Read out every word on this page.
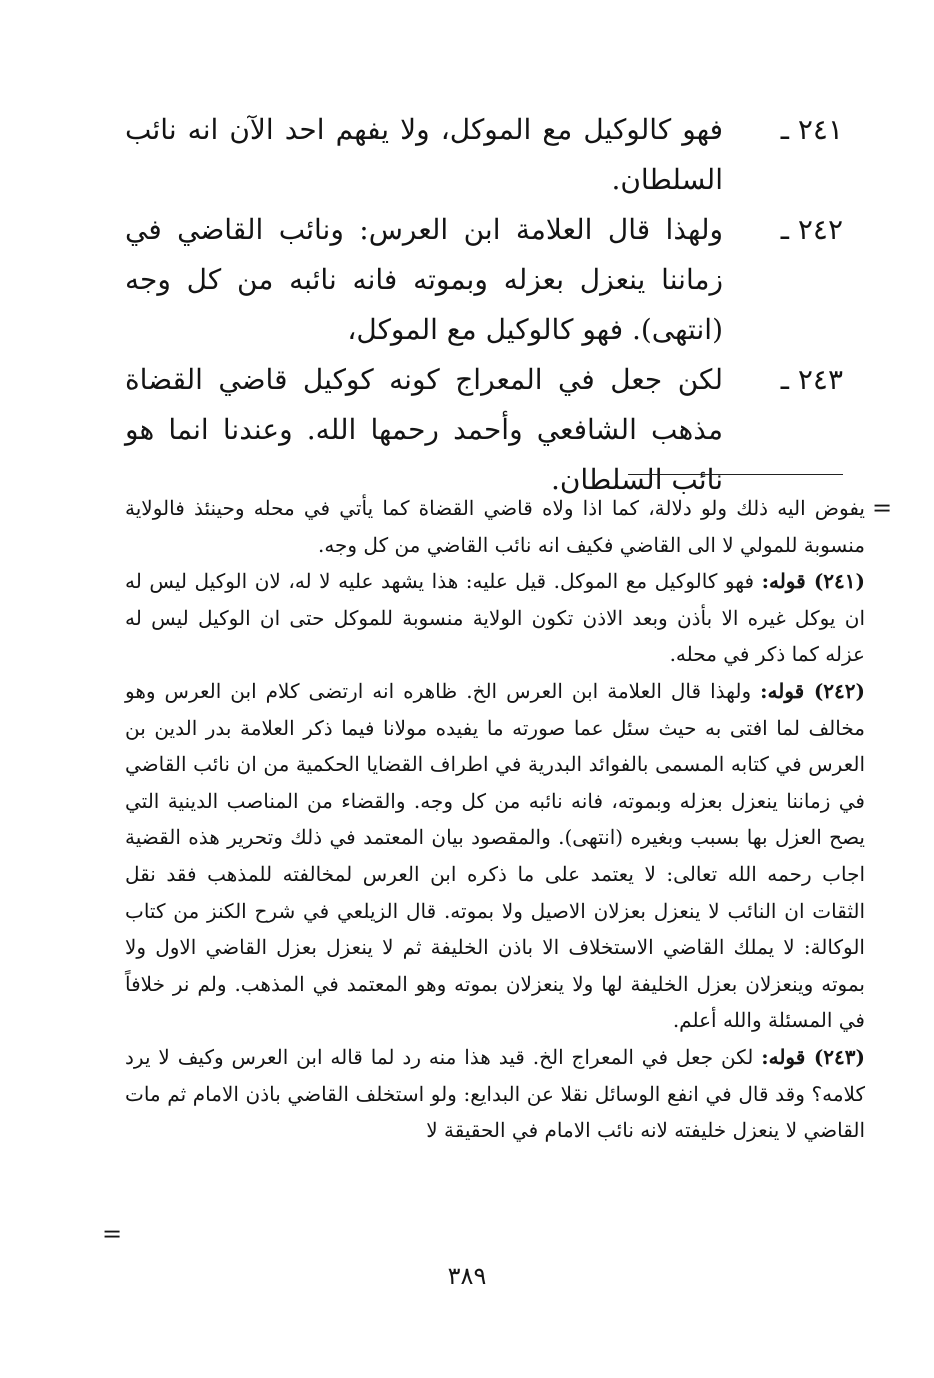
٢٤١ ـ
فهو كالوكيل مع الموكل، ولا يفهم احد الآن انه نائب السلطان.
٢٤٢ ـ
ولهذا قال العلامة ابن العرس: ونائب القاضي في زماننا ينعزل بعزله وبموته فانه نائبه من كل وجه (انتهى). فهو كالوكيل مع الموكل،
٢٤٣ ـ
لكن جعل في المعراج كونه كوكيل قاضي القضاة مذهب الشافعي وأحمد رحمها الله. وعندنا انما هو نائب السلطان.
=

يفوض اليه ذلك ولو دلالة، كما اذا ولاه قاضي القضاة كما يأتي في محله وحينئذ فالولاية منسوبة للمولي لا الى القاضي فكيف انه نائب القاضي من كل وجه.

(٢٤١) قوله: فهو كالوكيل مع الموكل. قيل عليه: هذا يشهد عليه لا له، لان الوكيل ليس له ان يوكل غيره الا بأذن وبعد الاذن تكون الولاية منسوبة للموكل حتى ان الوكيل ليس له عزله كما ذكر في محله.

(٢٤٢) قوله: ولهذا قال العلامة ابن العرس الخ. ظاهره انه ارتضى كلام ابن العرس وهو مخالف لما افتى به حيث سئل عما صورته ما يفيده مولانا فيما ذكر العلامة بدر الدين بن العرس في كتابه المسمى بالفوائد البدرية في اطراف القضايا الحكمية من ان نائب القاضي في زماننا ينعزل بعزله وبموته، فانه نائبه من كل وجه. والقضاء من المناصب الدينية التي يصح العزل بها بسبب وبغيره (انتهى). والمقصود بيان المعتمد في ذلك وتحرير هذه القضية اجاب رحمه الله تعالى: لا يعتمد على ما ذكره ابن العرس لمخالفته للمذهب فقد نقل الثقات ان النائب لا ينعزل بعزلان الاصيل ولا بموته. قال الزيلعي في شرح الكنز من كتاب الوكالة: لا يملك القاضي الاستخلاف الا باذن الخليفة ثم لا ينعزل بعزل القاضي الاول ولا بموته وينعزلان بعزل الخليفة لها ولا ينعزلان بموته وهو المعتمد في المذهب. ولم نر خلافاً في المسئلة والله أعلم.

(٢٤٣) قوله: لكن جعل في المعراج الخ. قيد هذا منه رد لما قاله ابن العرس وكيف لا يرد كلامه؟ وقد قال في انفع الوسائل نقلا عن البدايع: ولو استخلف القاضي باذن الامام ثم مات القاضي لا ينعزل خليفته لانه نائب الامام في الحقيقة لا

=
٣٨٩
